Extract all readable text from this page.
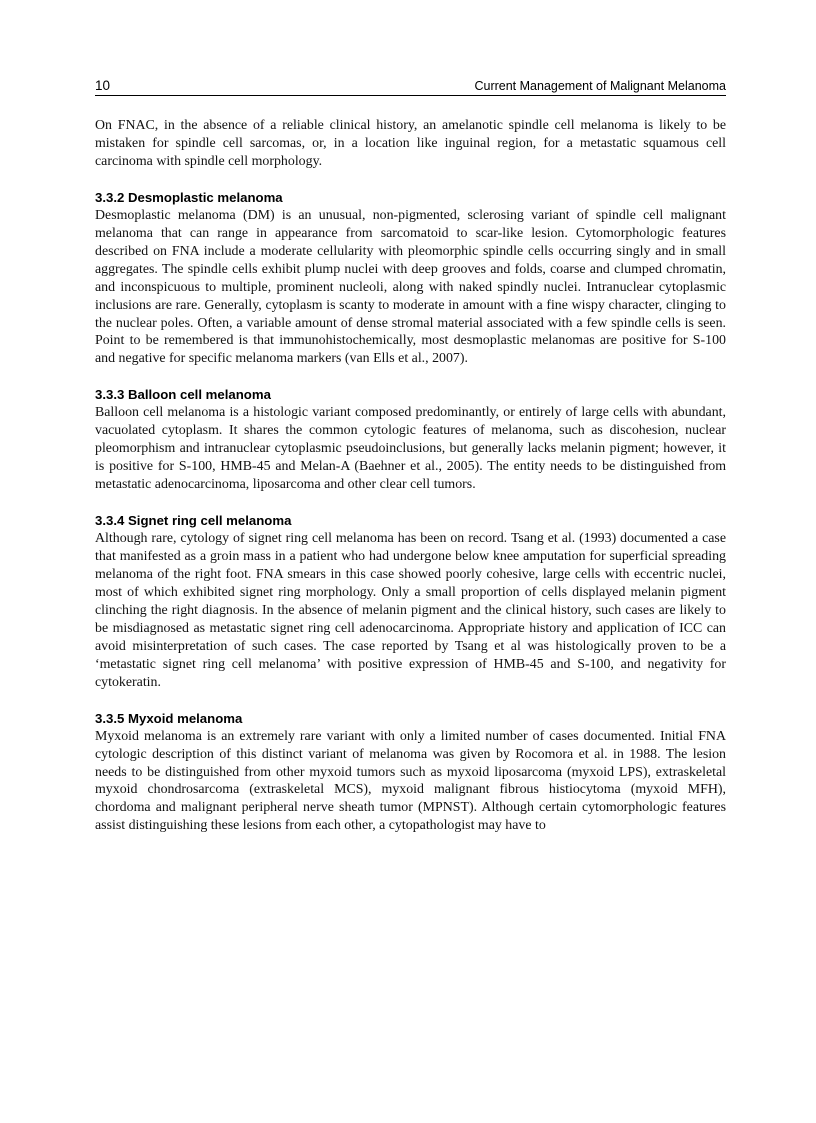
10	Current Management of Malignant Melanoma

On FNAC, in the absence of a reliable clinical history, an amelanotic spindle cell melanoma is likely to be mistaken for spindle cell sarcomas, or, in a location like inguinal region, for a metastatic squamous cell carcinoma with spindle cell morphology.

3.3.2 Desmoplastic melanoma

Desmoplastic melanoma (DM) is an unusual, non-pigmented, sclerosing variant of spindle cell malignant melanoma that can range in appearance from sarcomatoid to scar-like lesion. Cytomorphologic features described on FNA include a moderate cellularity with pleomorphic spindle cells occurring singly and in small aggregates. The spindle cells exhibit plump nuclei with deep grooves and folds, coarse and clumped chromatin, and inconspicuous to multiple, prominent nucleoli, along with naked spindly nuclei. Intranuclear cytoplasmic inclusions are rare. Generally, cytoplasm is scanty to moderate in amount with a fine wispy character, clinging to the nuclear poles. Often, a variable amount of dense stromal material associated with a few spindle cells is seen. Point to be remembered is that immunohistochemically, most desmoplastic melanomas are positive for S-100 and negative for specific melanoma markers (van Ells et al., 2007).

3.3.3 Balloon cell melanoma

Balloon cell melanoma is a histologic variant composed predominantly, or entirely of large cells with abundant, vacuolated cytoplasm. It shares the common cytologic features of melanoma, such as discohesion, nuclear pleomorphism and intranuclear cytoplasmic pseudoinclusions, but generally lacks melanin pigment; however, it is positive for S-100, HMB-45 and Melan-A (Baehner et al., 2005). The entity needs to be distinguished from metastatic adenocarcinoma, liposarcoma and other clear cell tumors.

3.3.4 Signet ring cell melanoma

Although rare, cytology of signet ring cell melanoma has been on record. Tsang et al. (1993) documented a case that manifested as a groin mass in a patient who had undergone below knee amputation for superficial spreading melanoma of the right foot. FNA smears in this case showed poorly cohesive, large cells with eccentric nuclei, most of which exhibited signet ring morphology. Only a small proportion of cells displayed melanin pigment clinching the right diagnosis. In the absence of melanin pigment and the clinical history, such cases are likely to be misdiagnosed as metastatic signet ring cell adenocarcinoma. Appropriate history and application of ICC can avoid misinterpretation of such cases. The case reported by Tsang et al was histologically proven to be a ‘metastatic signet ring cell melanoma’ with positive expression of HMB-45 and S-100, and negativity for cytokeratin.

3.3.5 Myxoid melanoma

Myxoid melanoma is an extremely rare variant with only a limited number of cases documented. Initial FNA cytologic description of this distinct variant of melanoma was given by Rocomora et al. in 1988. The lesion needs to be distinguished from other myxoid tumors such as myxoid liposarcoma (myxoid LPS), extraskeletal myxoid chondrosarcoma (extraskeletal MCS), myxoid malignant fibrous histiocytoma (myxoid MFH), chordoma and malignant peripheral nerve sheath tumor (MPNST). Although certain cytomorphologic features assist distinguishing these lesions from each other, a cytopathologist may have to
